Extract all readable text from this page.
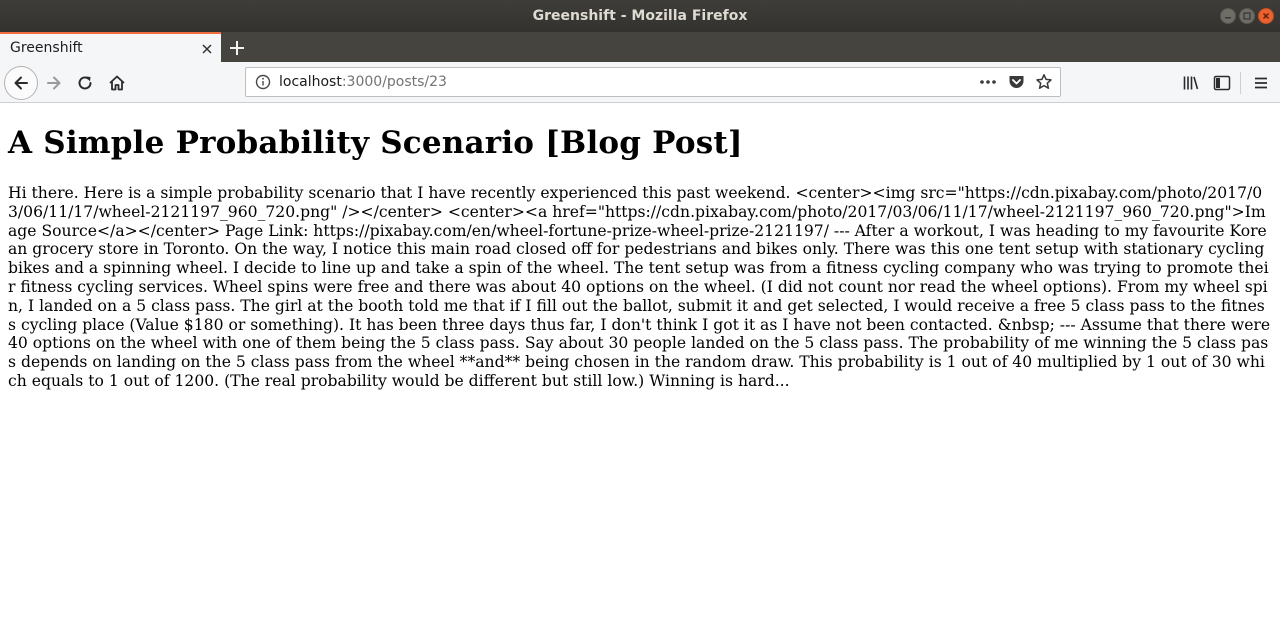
Greenshift - Mozilla Firefox
Greenshift
localhost:3000/posts/23
A Simple Probability Scenario [Blog Post]

Hi there. Here is a simple probability scenario that I have recently experienced this past weekend. <center><img src="https://cdn.pixabay.com/photo/2017/03/06/11/17/wheel-2121197_960_720.png" /></center> <center><a href="https://cdn.pixabay.com/photo/2017/03/06/11/17/wheel-2121197_960_720.png">Image Source</a></center> Page Link: https://pixabay.com/en/wheel-fortune-prize-wheel-prize-2121197/ --- After a workout, I was heading to my favourite Korean grocery store in Toronto. On the way, I notice this main road closed off for pedestrians and bikes only. There was this one tent setup with stationary cycling bikes and a spinning wheel. I decide to line up and take a spin of the wheel. The tent setup was from a fitness cycling company who was trying to promote their fitness cycling services. Wheel spins were free and there was about 40 options on the wheel. (I did not count nor read the wheel options). From my wheel spin, I landed on a 5 class pass. The girl at the booth told me that if I fill out the ballot, submit it and get selected, I would receive a free 5 class pass to the fitness cycling place (Value $180 or something). It has been three days thus far, I don't think I got it as I have not been contacted. &nbsp; --- Assume that there were 40 options on the wheel with one of them being the 5 class pass. Say about 30 people landed on the 5 class pass. The probability of me winning the 5 class pass depends on landing on the 5 class pass from the wheel **and** being chosen in the random draw. This probability is 1 out of 40 multiplied by 1 out of 30 which equals to 1 out of 1200. (The real probability would be different but still low.) Winning is hard...
